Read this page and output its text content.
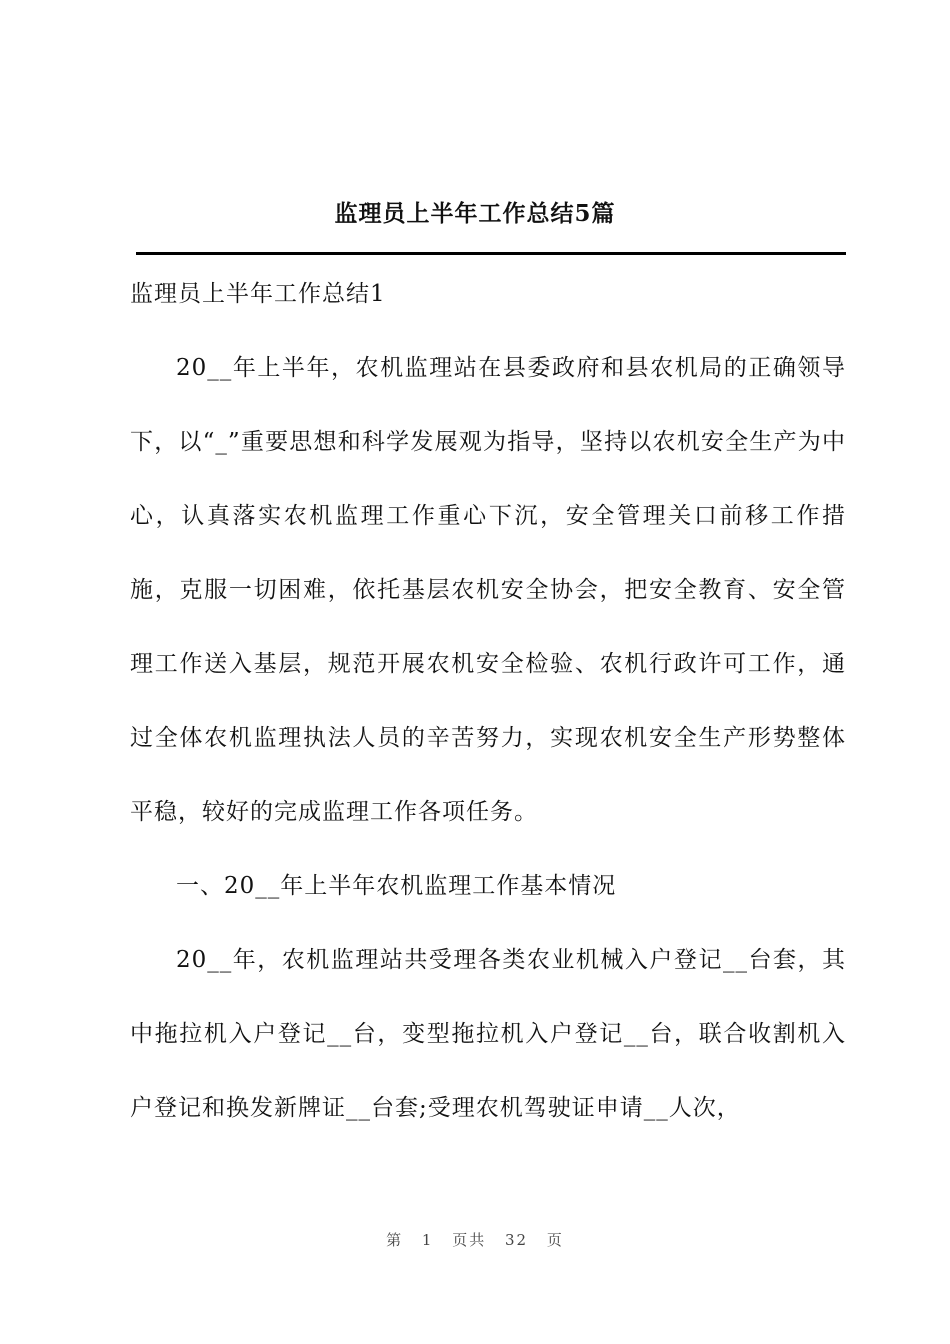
监理员上半年工作总结5篇
监理员上半年工作总结1

20__年上半年，农机监理站在县委政府和县农机局的正确领导下，以“_”重要思想和科学发展观为指导，坚持以农机安全生产为中心，认真落实农机监理工作重心下沉，安全管理关口前移工作措施，克服一切困难，依托基层农机安全协会，把安全教育、安全管理工作送入基层，规范开展农机安全检验、农机行政许可工作，通过全体农机监理执法人员的辛苦努力，实现农机安全生产形势整体平稳，较好的完成监理工作各项任务。

一、20__年上半年农机监理工作基本情况

20__年，农机监理站共受理各类农业机械入户登记__台套，其中拖拉机入户登记__台，变型拖拉机入户登记__台，联合收割机入户登记和换发新牌证__台套;受理农机驾驶证申请__人次，

第 1 页共 32 页
